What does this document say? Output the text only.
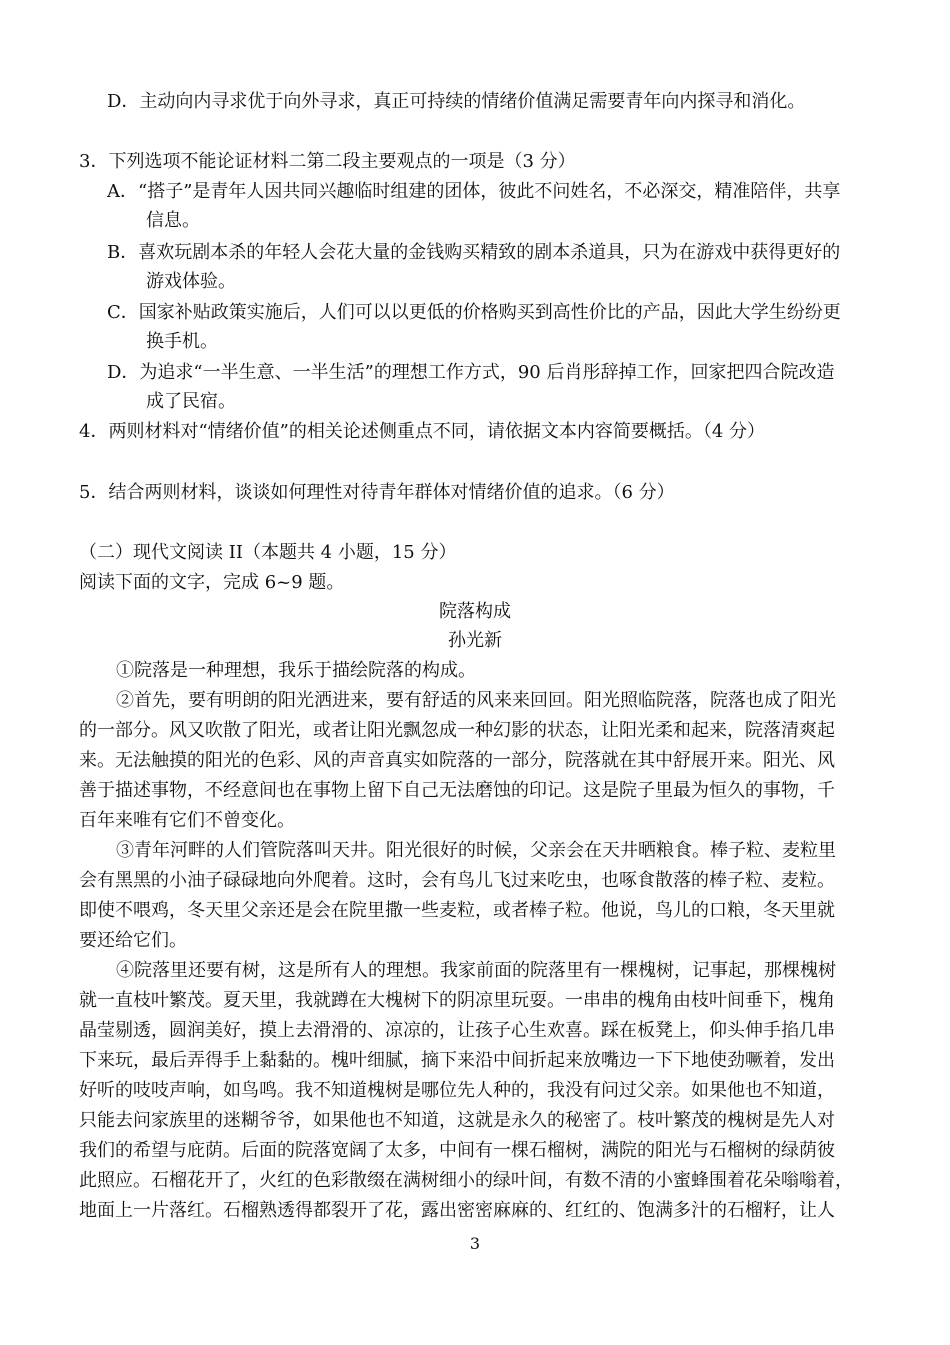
D．主动向内寻求优于向外寻求，真正可持续的情绪价值满足需要青年向内探寻和消化。
3．下列选项不能论证材料二第二段主要观点的一项是（3 分）
A．“搭子”是青年人因共同兴趣临时组建的团体，彼此不问姓名，不必深交，精准陪伴，共享
信息。
B．喜欢玩剧本杀的年轻人会花大量的金钱购买精致的剧本杀道具，只为在游戏中获得更好的
游戏体验。
C．国家补贴政策实施后，人们可以以更低的价格购买到高性价比的产品，因此大学生纷纷更
换手机。
D．为追求“一半生意、一半生活”的理想工作方式，90 后肖彤辞掉工作，回家把四合院改造
成了民宿。
4．两则材料对“情绪价值”的相关论述侧重点不同，请依据文本内容简要概括。（4 分）
5．结合两则材料，谈谈如何理性对待青年群体对情绪价值的追求。（6 分）
（二）现代文阅读 II（本题共 4 小题，15 分）
阅读下面的文字，完成 6~9 题。
院落构成
孙光新
①院落是一种理想，我乐于描绘院落的构成。
②首先，要有明朗的阳光洒进来，要有舒适的风来来回回。阳光照临院落，院落也成了阳光
的一部分。风又吹散了阳光，或者让阳光飘忽成一种幻影的状态，让阳光柔和起来，院落清爽起
来。无法触摸的阳光的色彩、风的声音真实如院落的一部分，院落就在其中舒展开来。阳光、风
善于描述事物，不经意间也在事物上留下自己无法磨蚀的印记。这是院子里最为恒久的事物，千
百年来唯有它们不曾变化。
③青年河畔的人们管院落叫天井。阳光很好的时候，父亲会在天井晒粮食。棒子粒、麦粒里
会有黑黑的小油子碌碌地向外爬着。这时，会有鸟儿飞过来吃虫，也啄食散落的棒子粒、麦粒。
即使不喂鸡，冬天里父亲还是会在院里撒一些麦粒，或者棒子粒。他说，鸟儿的口粮，冬天里就
要还给它们。
④院落里还要有树，这是所有人的理想。我家前面的院落里有一棵槐树，记事起，那棵槐树
就一直枝叶繁茂。夏天里，我就蹲在大槐树下的阴凉里玩耍。一串串的槐角由枝叶间垂下，槐角
晶莹剔透，圆润美好，摸上去滑滑的、凉凉的，让孩子心生欢喜。踩在板凳上，仰头伸手掐几串
下来玩，最后弄得手上黏黏的。槐叶细腻，摘下来沿中间折起来放嘴边一下下地使劲噘着，发出
好听的吱吱声响，如鸟鸣。我不知道槐树是哪位先人种的，我没有问过父亲。如果他也不知道，
只能去问家族里的迷糊爷爷，如果他也不知道，这就是永久的秘密了。枝叶繁茂的槐树是先人对
我们的希望与庇荫。后面的院落宽阔了太多，中间有一棵石榴树，满院的阳光与石榴树的绿荫彼
此照应。石榴花开了，火红的色彩散缀在满树细小的绿叶间，有数不清的小蜜蜂围着花朵嗡嗡着，
地面上一片落红。石榴熟透得都裂开了花，露出密密麻麻的、红红的、饱满多汁的石榴籽，让人
3
